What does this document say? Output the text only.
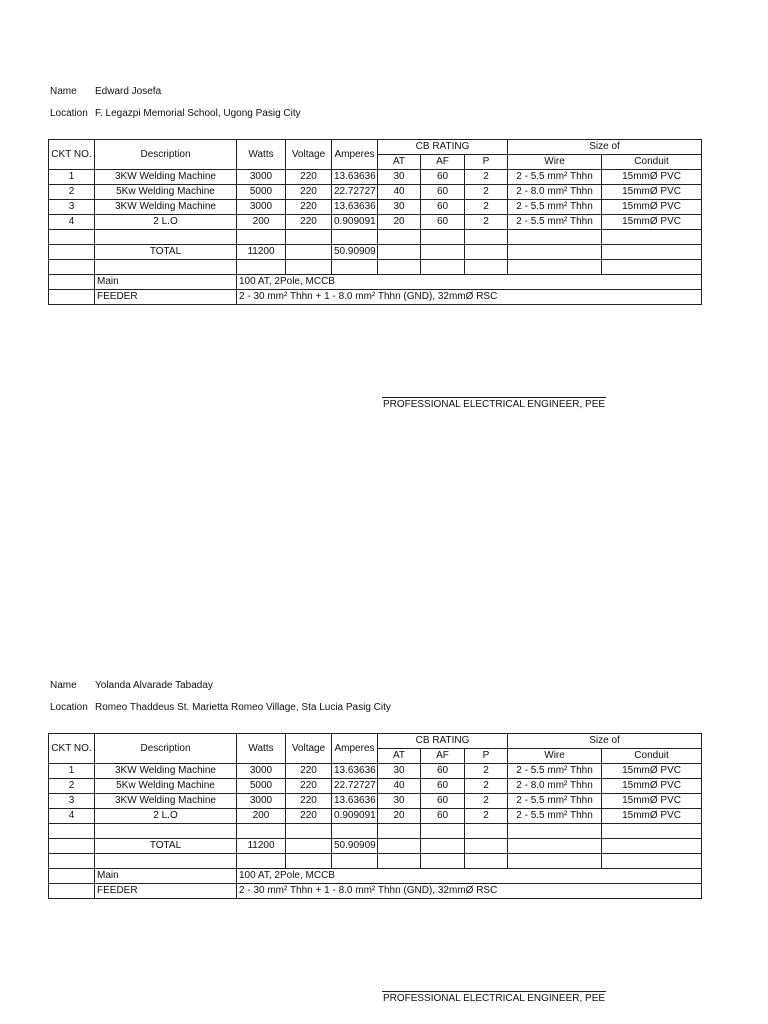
Name Edward Josefa
Location F. Legazpi Memorial School, Ugong Pasig City
CKT NO.	Description	Watts	Voltage	Amperes	CB RATING			Size of	
					AT	AF	P	Wire	Conduit
1	3KW Welding Machine	3000	220	13.63636	30	60	2	2 - 5.5 mm² Thhn	15mmØ PVC
2	5Kw Welding Machine	5000	220	22.72727	40	60	2	2 - 8.0 mm² Thhn	15mmØ PVC
3	3KW Welding Machine	3000	220	13.63636	30	60	2	2 - 5.5 mm² Thhn	15mmØ PVC
4	2 L.O	200	220	0.909091	20	60	2	2 - 5.5 mm² Thhn	15mmØ PVC

	TOTAL	11200		50.90909					

	Main	100 AT, 2Pole, MCCB							
	FEEDER	2 - 30 mm² Thhn + 1 - 8.0 mm² Thhn (GND), 32mmØ RSC							
PROFESSIONAL ELECTRICAL ENGINEER, PEE
Name Yolanda Alvarade Tabaday
Location Romeo Thaddeus St. Marietta Romeo Village, Sta Lucia Pasig City
CKT NO.	Description	Watts	Voltage	Amperes	CB RATING			Size of	
					AT	AF	P	Wire	Conduit
1	3KW Welding Machine	3000	220	13.63636	30	60	2	2 - 5.5 mm² Thhn	15mmØ PVC
2	5Kw Welding Machine	5000	220	22.72727	40	60	2	2 - 8.0 mm² Thhn	15mmØ PVC
3	3KW Welding Machine	3000	220	13.63636	30	60	2	2 - 5.5 mm² Thhn	15mmØ PVC
4	2 L.O	200	220	0.909091	20	60	2	2 - 5.5 mm² Thhn	15mmØ PVC

	TOTAL	11200		50.90909					

	Main	100 AT, 2Pole, MCCB							
	FEEDER	2 - 30 mm² Thhn + 1 - 8.0 mm² Thhn (GND), 32mmØ RSC							
PROFESSIONAL ELECTRICAL ENGINEER, PEE
